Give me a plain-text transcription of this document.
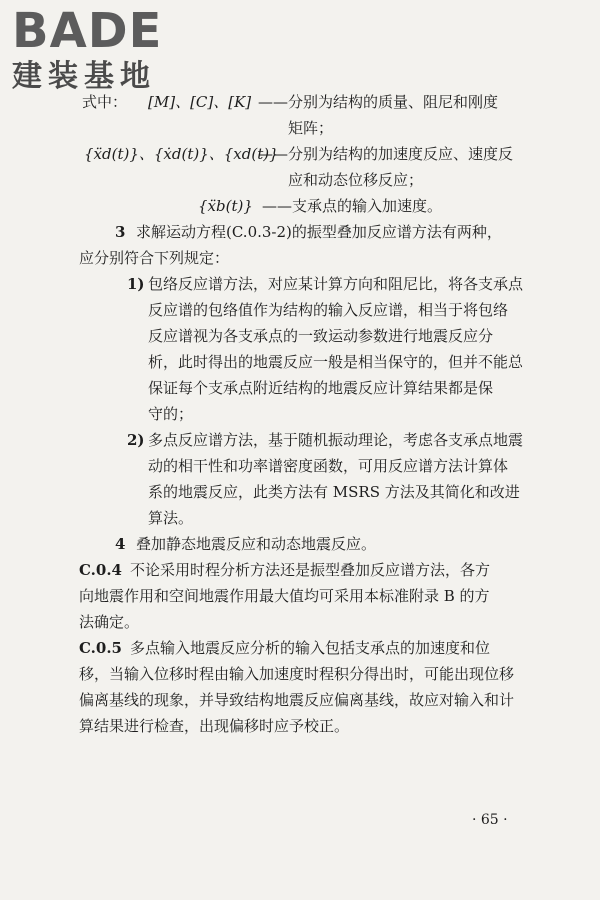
BADE
建装基地
式中： [M]、[C]、[K] ——分别为结构的质量、阻尼和刚度
矩阵；
{ẍd(t)}、{ẋd(t)}、{xd(t)}
——分别为结构的加速度反应、速度反
应和动态位移反应；
{ẍb(t)} ——支承点的输入加速度。
3 求解运动方程(C.0.3-2)的振型叠加反应谱方法有两种，
应分别符合下列规定：
1) 包络反应谱方法，对应某计算方向和阻尼比，将各支承点
反应谱的包络值作为结构的输入反应谱，相当于将包络
反应谱视为各支承点的一致运动参数进行地震反应分
析，此时得出的地震反应一般是相当保守的，但并不能总
保证每个支承点附近结构的地震反应计算结果都是保
守的；
2) 多点反应谱方法，基于随机振动理论，考虑各支承点地震
动的相干性和功率谱密度函数，可用反应谱方法计算体
系的地震反应，此类方法有 MSRS 方法及其简化和改进
算法。
4 叠加静态地震反应和动态地震反应。
C.0.4 不论采用时程分析方法还是振型叠加反应谱方法，各方
向地震作用和空间地震作用最大值均可采用本标准附录 B 的方
法确定。
C.0.5 多点输入地震反应分析的输入包括支承点的加速度和位
移，当输入位移时程由输入加速度时程积分得出时，可能出现位移
偏离基线的现象，并导致结构地震反应偏离基线，故应对输入和计
算结果进行检查，出现偏移时应予校正。
· 65 ·
